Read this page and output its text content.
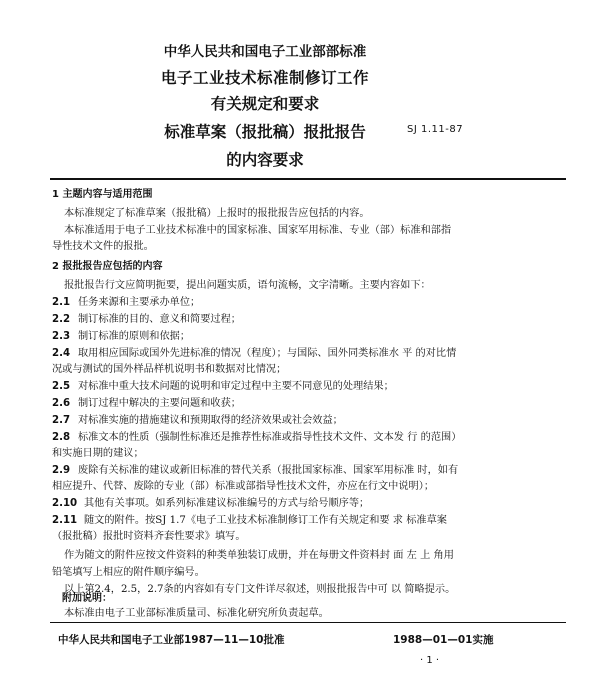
中华人民共和国电子工业部部标准
电子工业技术标准制修订工作
有关规定和要求
标准草案（报批稿）报批报告
的内容要求
SJ 1.11-87
1 主题内容与适用范围
本标准规定了标准草案（报批稿）上报时的报批报告应包括的内容。
本标准适用于电子工业技术标准中的国家标准、国家军用标准、专业（部）标准和部指
导性技术文件的报批。
2 报批报告应包括的内容
报批报告行文应简明扼要，提出问题实质，语句流畅，文字清晰。主要内容如下：
2.1 任务来源和主要承办单位；
2.2 制订标准的目的、意义和简要过程；
2.3 制订标准的原则和依据；
2.4 取用相应国际或国外先进标准的情况（程度）；与国际、国外同类标准水 平 的对比情
况或与测试的国外样品样机说明书和数据对比情况；
2.5 对标准中重大技术问题的说明和审定过程中主要不同意见的处理结果；
2.6 制订过程中解决的主要问题和收获；
2.7 对标准实施的措施建议和预期取得的经济效果或社会效益；
2.8 标准文本的性质（强制性标准还是推荐性标准或指导性技术文件、文本发 行 的范围）
和实施日期的建议；
2.9 废除有关标准的建议或新旧标准的替代关系（报批国家标准、国家军用标准 时，如有
相应提升、代替、废除的专业（部）标准或部指导性技术文件，亦应在行文中说明）；
2.10 其他有关事项。如系列标准建议标准编号的方式与给号顺序等；
2.11 随文的附件。按SJ 1.7《电子工业技术标准制修订工作有关规定和要 求 标准草案
（报批稿）报批时资料齐套性要求》填写。
作为随文的附件应按文件资料的种类单独装订成册，并在每册文件资料封 面 左 上 角用
铅笔填写上相应的附件顺序编号。
以上第2.4，2.5，2.7条的内容如有专门文件详尽叙述，则报批报告中可 以 简略提示。
附加说明：
本标准由电子工业部标准质量司、标准化研究所负责起草。
中华人民共和国电子工业部1987—11—10批准	1988—01—01实施
· 1 ·
